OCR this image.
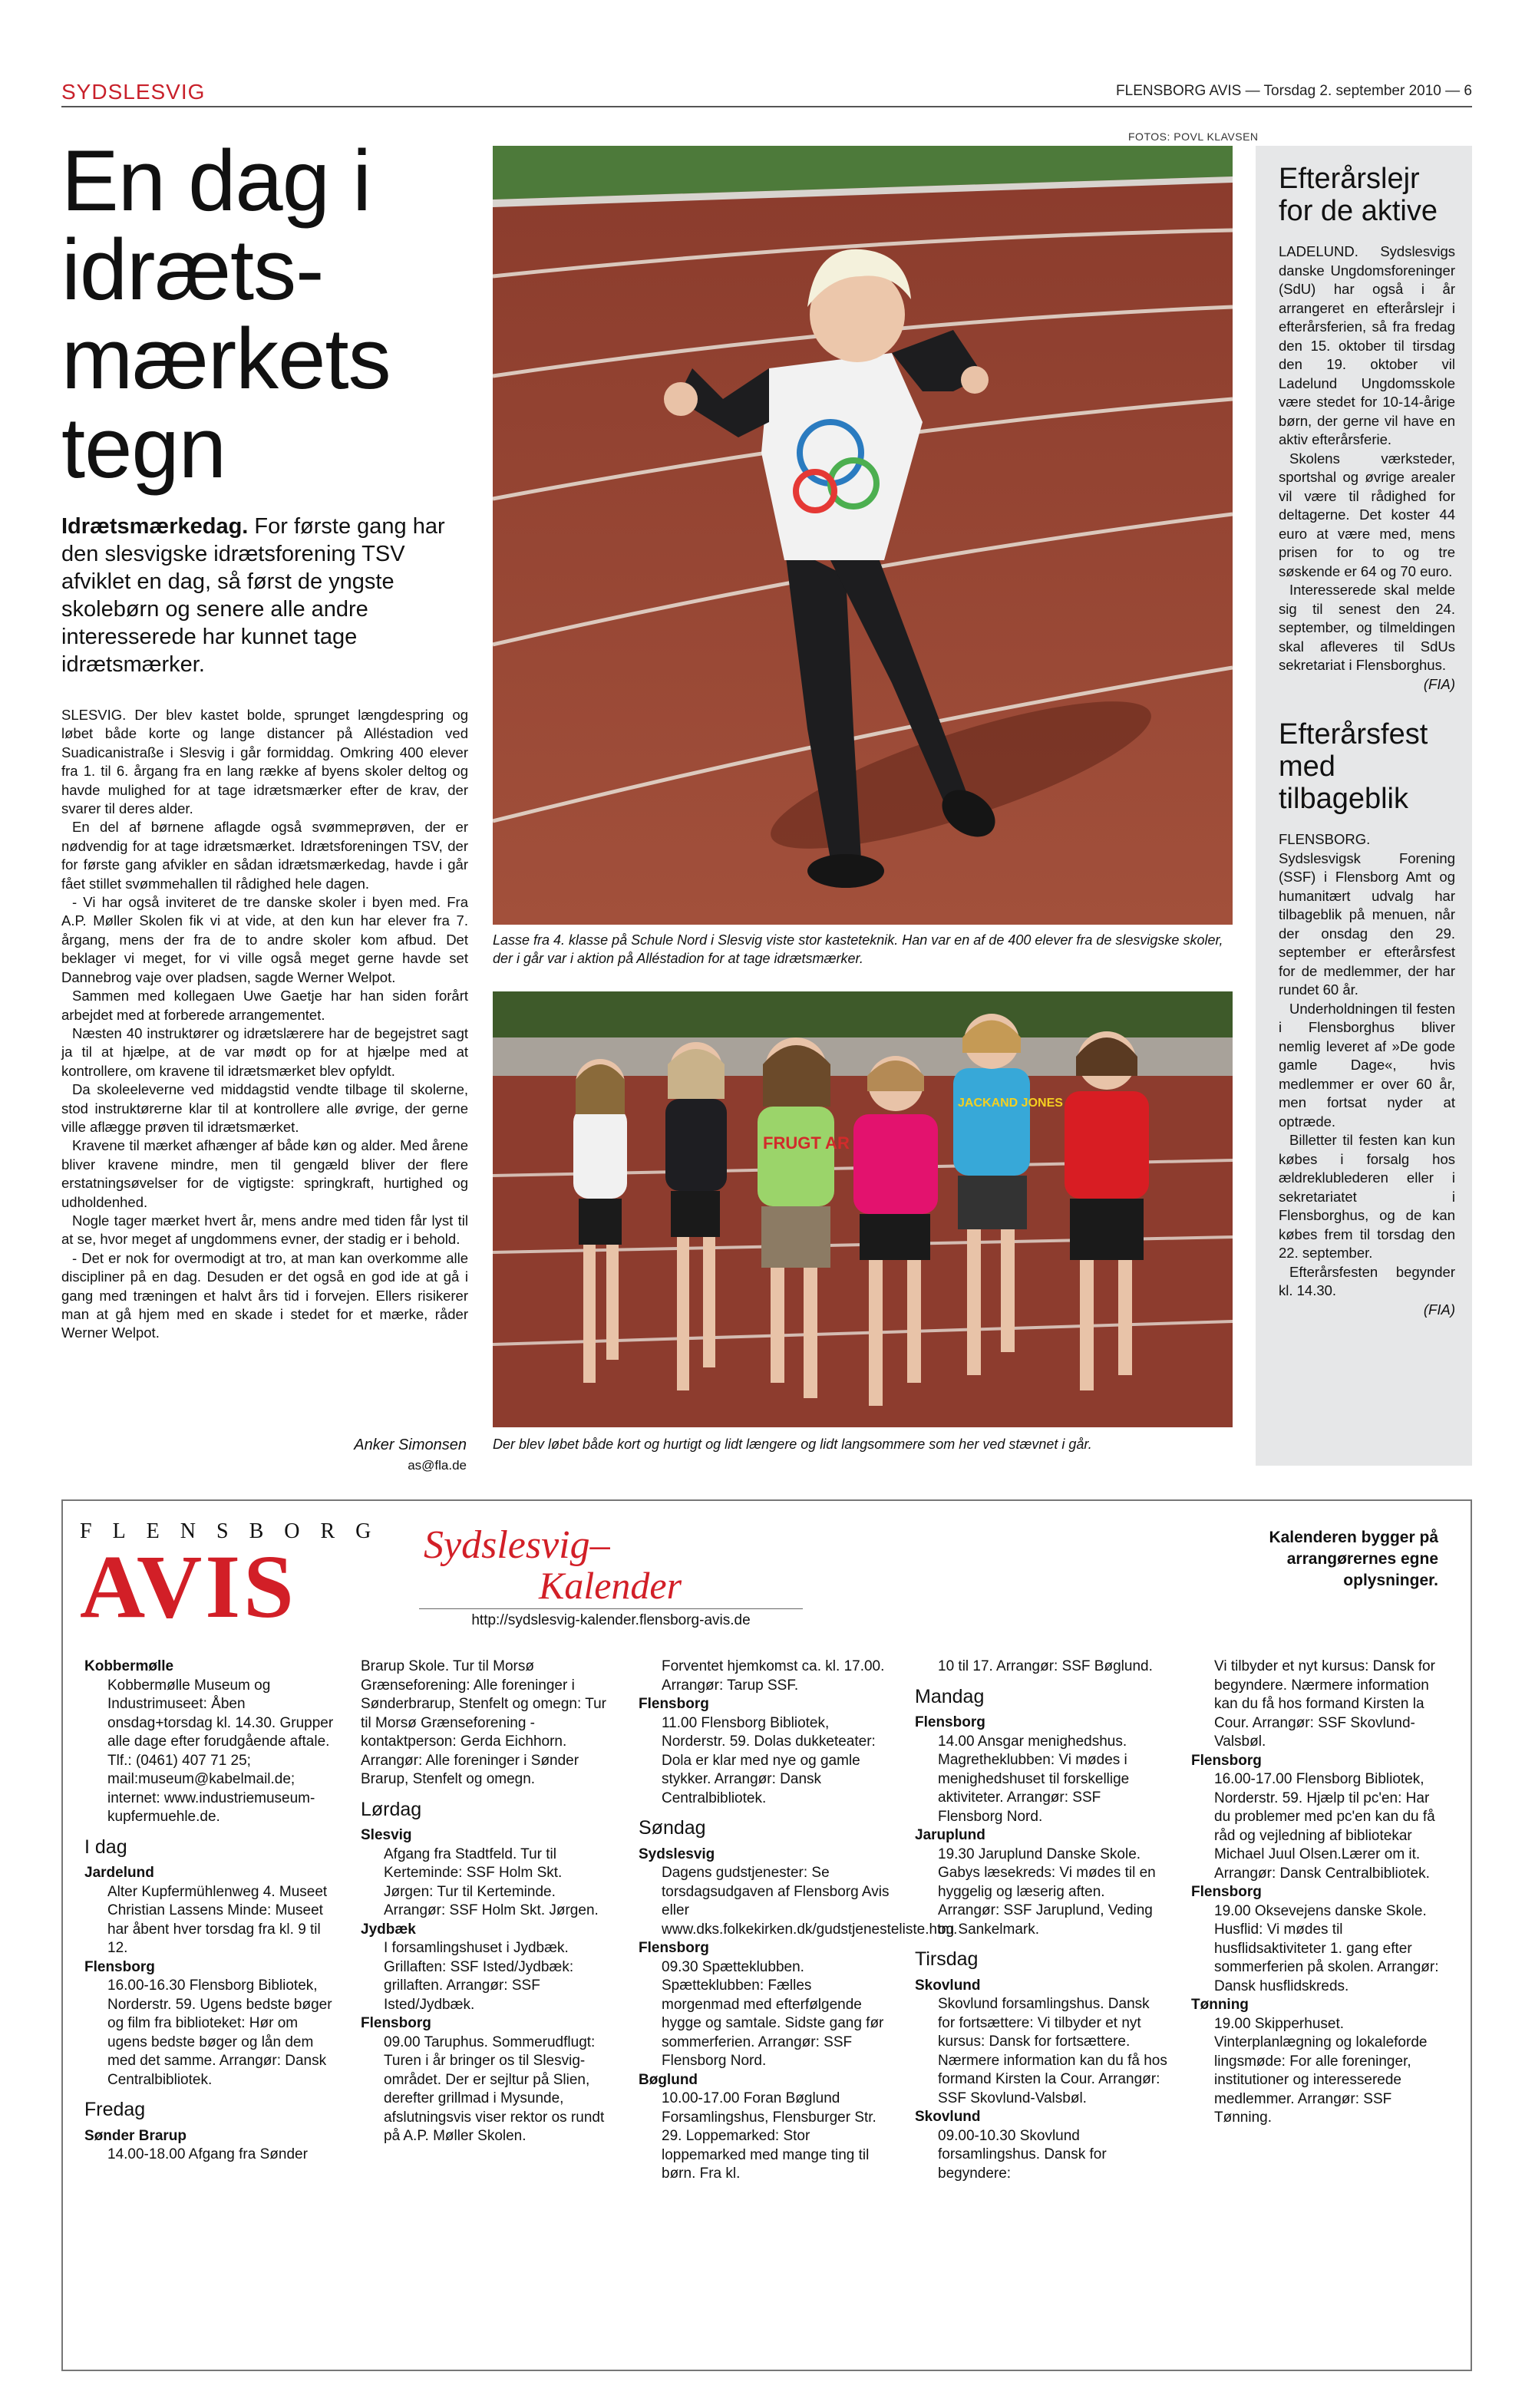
SYDSLESVIG	FLENSBORG AVIS — Torsdag 2. september 2010 — 6
En dag i
idræts-
mærkets
tegn
Idrætsmærkedag. For første gang har den slesvigske idrætsforening TSV afviklet en dag, så først de yngste skolebørn og senere alle andre interesserede har kunnet tage idrætsmærker.

SLESVIG. Der blev kastet bolde, sprunget længdespring og løbet både korte og lange distancer på Alléstadion ved Suadicanistraße i Slesvig i går formiddag. Omkring 400 elever fra 1. til 6. årgang fra en lang række af byens skoler deltog og havde mulighed for at tage idrætsmærker efter de krav, der svarer til deres alder.

En del af børnene aflagde også svømmeprøven, der er nødvendig for at tage idrætsmærket. Idrætsforeningen TSV, der for første gang afvikler en sådan idrætsmærkedag, havde i går fået stillet svømmehallen til rådighed hele dagen.

- Vi har også inviteret de tre danske skoler i byen med. Fra A.P. Møller Skolen fik vi at vide, at den kun har elever fra 7. årgang, mens der fra de to andre skoler kom afbud. Det beklager vi meget, for vi ville også meget gerne havde set Dannebrog vaje over pladsen, sagde Werner Welpot.

Sammen med kollegaen Uwe Gaetje har han siden forårt arbejdet med at forberede arrangementet.

Næsten 40 instruktører og idrætslærere har de begejstret sagt ja til at hjælpe, at de var mødt op for at hjælpe med at kontrollere, om kravene til idrætsmærket blev opfyldt.

Da skoleeleverne ved middagstid vendte tilbage til skolerne, stod instruktørerne klar til at kontrollere alle øvrige, der gerne ville aflægge prøven til idrætsmærket.

Kravene til mærket afhænger af både køn og alder. Med årene bliver kravene mindre, men til gengæld bliver der flere erstatningsøvelser for de vigtigste: springkraft, hurtighed og udholdenhed.

Nogle tager mærket hvert år, mens andre med tiden får lyst til at se, hvor meget af ungdommens evner, der stadig er i behold.

- Det er nok for overmodigt at tro, at man kan overkomme alle discipliner på en dag. Desuden er det også en god ide at gå i gang med træningen et halvt års tid i forvejen. Ellers risikerer man at gå hjem med en skade i stedet for et mærke, råder Werner Welpot.

Anker Simonsen
as@fla.de
FOTOS: POVL KLAVSEN
Lasse fra 4. klasse på Schule Nord i Slesvig viste stor kasteteknik. Han var en af de 400 elever fra de slesvigske skoler, der i går var i aktion på Alléstadion for at tage idrætsmærker.
FRUGT AR
JACKAND JONES
Der blev løbet både kort og hurtigt og lidt længere og lidt langsommere som her ved stævnet i går.
Efterårslejr for de aktive

LADELUND. Sydslesvigs danske Ungdomsforeninger (SdU) har også i år arrangeret en efterårslejr i efterårsferien, så fra fredag den 15. oktober til tirsdag den 19. oktober vil Ladelund Ungdomsskole være stedet for 10-14-årige børn, der gerne vil have en aktiv efterårsferie.

Skolens værksteder, sportshal og øvrige arealer vil være til rådighed for deltagerne. Det koster 44 euro at være med, mens prisen for to og tre søskende er 64 og 70 euro.

Interesserede skal melde sig til senest den 24. september, og tilmeldingen skal afleveres til SdUs sekretariat i Flensborghus.

(FIA)

Efterårsfest med tilbageblik

FLENSBORG. Sydslesvigsk Forening (SSF) i Flensborg Amt og humanitært udvalg har tilbageblik på menuen, når der onsdag den 29. september er efterårsfest for de medlemmer, der har rundet 60 år.

Underholdningen til festen i Flensborghus bliver nemlig leveret af »De gode gamle Dage«, hvis medlemmer er over 60 år, men fortsat nyder at optræde.

Billetter til festen kan kun købes i forsalg hos ældreklublederen eller i sekretariatet i Flensborghus, og de kan købes frem til torsdag den 22. september.

Efterårsfesten begynder kl. 14.30.

(FIA)

FLENSBORG
AVIS	Sydslesvig–
Kalender
http://sydslesvig-kalender.flensborg-avis.de
Kalenderen bygger på arrangørernes egne oplysninger.
Kobbermølle
Kobbermølle Museum og Industrimuseet: Åben onsdag+torsdag kl. 14.30. Grupper alle dage efter forudgående aftale. Tlf.: (0461) 407 71 25; mail:museum@kabelmail.de; internet: www.industriemuseum-kupfermuehle.de.
I dag
Jardelund
Alter Kupfermühlenweg 4. Museet Christian Lassens Minde: Museet har åbent hver torsdag fra kl. 9 til 12.
Flensborg
16.00-16.30 Flensborg Bibliotek, Norderstr. 59. Ugens bedste bøger og film fra biblioteket: Hør om ugens bedste bøger og lån dem med det samme. Arrangør: Dansk Centralbibliotek.
Fredag
Sønder Brarup
14.00-18.00 Afgang fra Sønder
Brarup Skole. Tur til Morsø Grænseforening: Alle foreninger i Sønderbrarup, Stenfelt og omegn: Tur til Morsø Grænseforening - kontaktperson: Gerda Eichhorn. Arrangør: Alle foreninger i Sønder Brarup, Stenfelt og omegn.
Lørdag
Slesvig
Afgang fra Stadtfeld. Tur til Kerteminde: SSF Holm Skt. Jørgen: Tur til Kerteminde. Arrangør: SSF Holm Skt. Jørgen.
Jydbæk
I forsamlingshuset i Jydbæk. Grillaften: SSF Isted/Jydbæk: grillaften. Arrangør: SSF Isted/Jydbæk.
Flensborg
09.00 Taruphus. Sommerudflugt: Turen i år bringer os til Slesvig-området. Der er sejltur på Slien, derefter grillmad i Mysunde, afslutningsvis viser rektor os rundt på A.P. Møller Skolen.
Forventet hjemkomst ca. kl. 17.00. Arrangør: Tarup SSF.
Flensborg
11.00 Flensborg Bibliotek, Norderstr. 59. Dolas dukketeater: Dola er klar med nye og gamle stykker. Arrangør: Dansk Centralbibliotek.
Søndag
Sydslesvig
Dagens gudstjenester: Se torsdagsudgaven af Flensborg Avis eller www.dks.folkekirken.dk/gudstjenesteliste.htm.
Flensborg
09.30 Spætteklubben. Spætteklubben: Fælles morgenmad med efterfølgende hygge og samtale. Sidste gang før sommerferien. Arrangør: SSF Flensborg Nord.
Bøglund
10.00-17.00 Foran Bøglund Forsamlingshus, Flensburger Str. 29. Loppemarked: Stor loppemarked med mange ting til børn. Fra kl.
10 til 17. Arrangør: SSF Bøglund.
Mandag
Flensborg
14.00 Ansgar menighedshus. Magretheklubben: Vi mødes i menighedshuset til forskellige aktiviteter. Arrangør: SSF Flensborg Nord.
Jaruplund
19.30 Jaruplund Danske Skole. Gabys læsekreds: Vi mødes til en hyggelig og læserig aften. Arrangør: SSF Jaruplund, Veding og Sankelmark.
Tirsdag
Skovlund
Skovlund forsamlingshus. Dansk for fortsættere: Vi tilbyder et nyt kursus: Dansk for fortsættere. Nærmere information kan du få hos formand Kirsten la Cour. Arrangør: SSF Skovlund-Valsbøl.
Skovlund
09.00-10.30 Skovlund forsamlingshus. Dansk for begyndere:
Vi tilbyder et nyt kursus: Dansk for begyndere. Nærmere information kan du få hos formand Kirsten la Cour. Arrangør: SSF Skovlund-Valsbøl.
Flensborg
16.00-17.00 Flensborg Bibliotek, Norderstr. 59. Hjælp til pc'en: Har du problemer med pc'en kan du få råd og vejledning af bibliotekar Michael Juul Olsen.Lærer om it. Arrangør: Dansk Centralbibliotek.
Flensborg
19.00 Oksevejens danske Skole. Husflid: Vi mødes til husflidsaktiviteter 1. gang efter sommerferien på skolen. Arrangør: Dansk husflidskreds.
Tønning
19.00 Skipperhuset. Vinterplanlægning og lokaleforde lingsmøde: For alle foreninger, institutioner og interesserede medlemmer. Arrangør: SSF Tønning.
